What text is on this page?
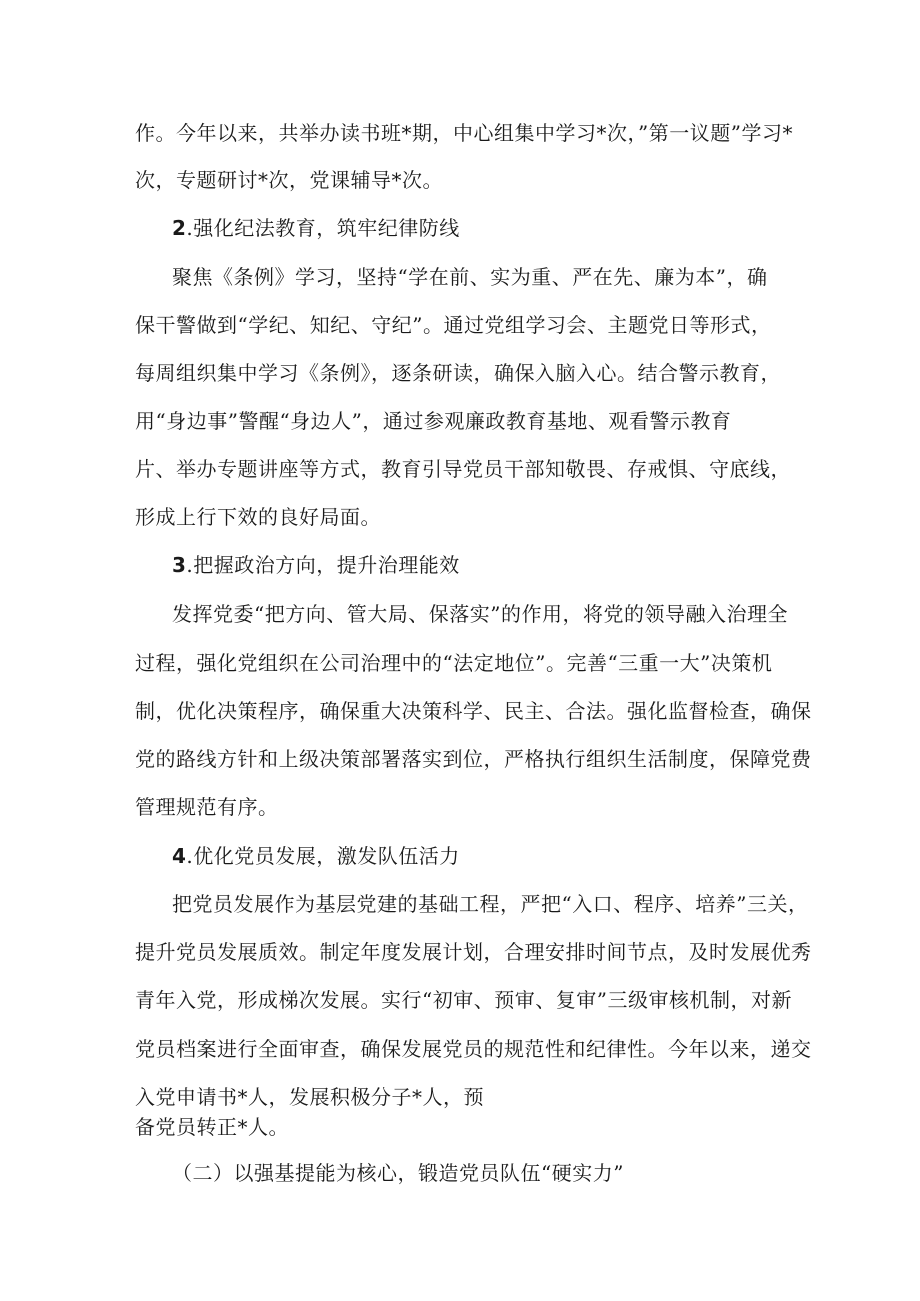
作。今年以来，共举办读书班*期，中心组集中学习*次，”第一议题”学习*
次，专题研讨*次，党课辅导*次。
2.强化纪法教育，筑牢纪律防线
聚焦《条例》学习，坚持“学在前、实为重、严在先、廉为本”，确
保干警做到“学纪、知纪、守纪”。通过党组学习会、主题党日等形式，
每周组织集中学习《条例》，逐条研读，确保入脑入心。结合警示教育，
用“身边事”警醒“身边人”，通过参观廉政教育基地、观看警示教育
片、举办专题讲座等方式，教育引导党员干部知敬畏、存戒惧、守底线，
形成上行下效的良好局面。
3.把握政治方向，提升治理能效
发挥党委“把方向、管大局、保落实”的作用，将党的领导融入治理全
过程，强化党组织在公司治理中的“法定地位”。完善“三重一大”决策机
制，优化决策程序，确保重大决策科学、民主、合法。强化监督检查，确保
党的路线方针和上级决策部署落实到位，严格执行组织生活制度，保障党费
管理规范有序。
4.优化党员发展，激发队伍活力
把党员发展作为基层党建的基础工程，严把“入口、程序、培养”三关，
提升党员发展质效。制定年度发展计划，合理安排时间节点，及时发展优秀
青年入党，形成梯次发展。实行“初审、预审、复审”三级审核机制，对新
党员档案进行全面审查，确保发展党员的规范性和纪律性。今年以来，递交
入党申请书*人，发展积极分子*人，预
备党员转正*人。
（二）以强基提能为核心，锻造党员队伍“硬实力”
